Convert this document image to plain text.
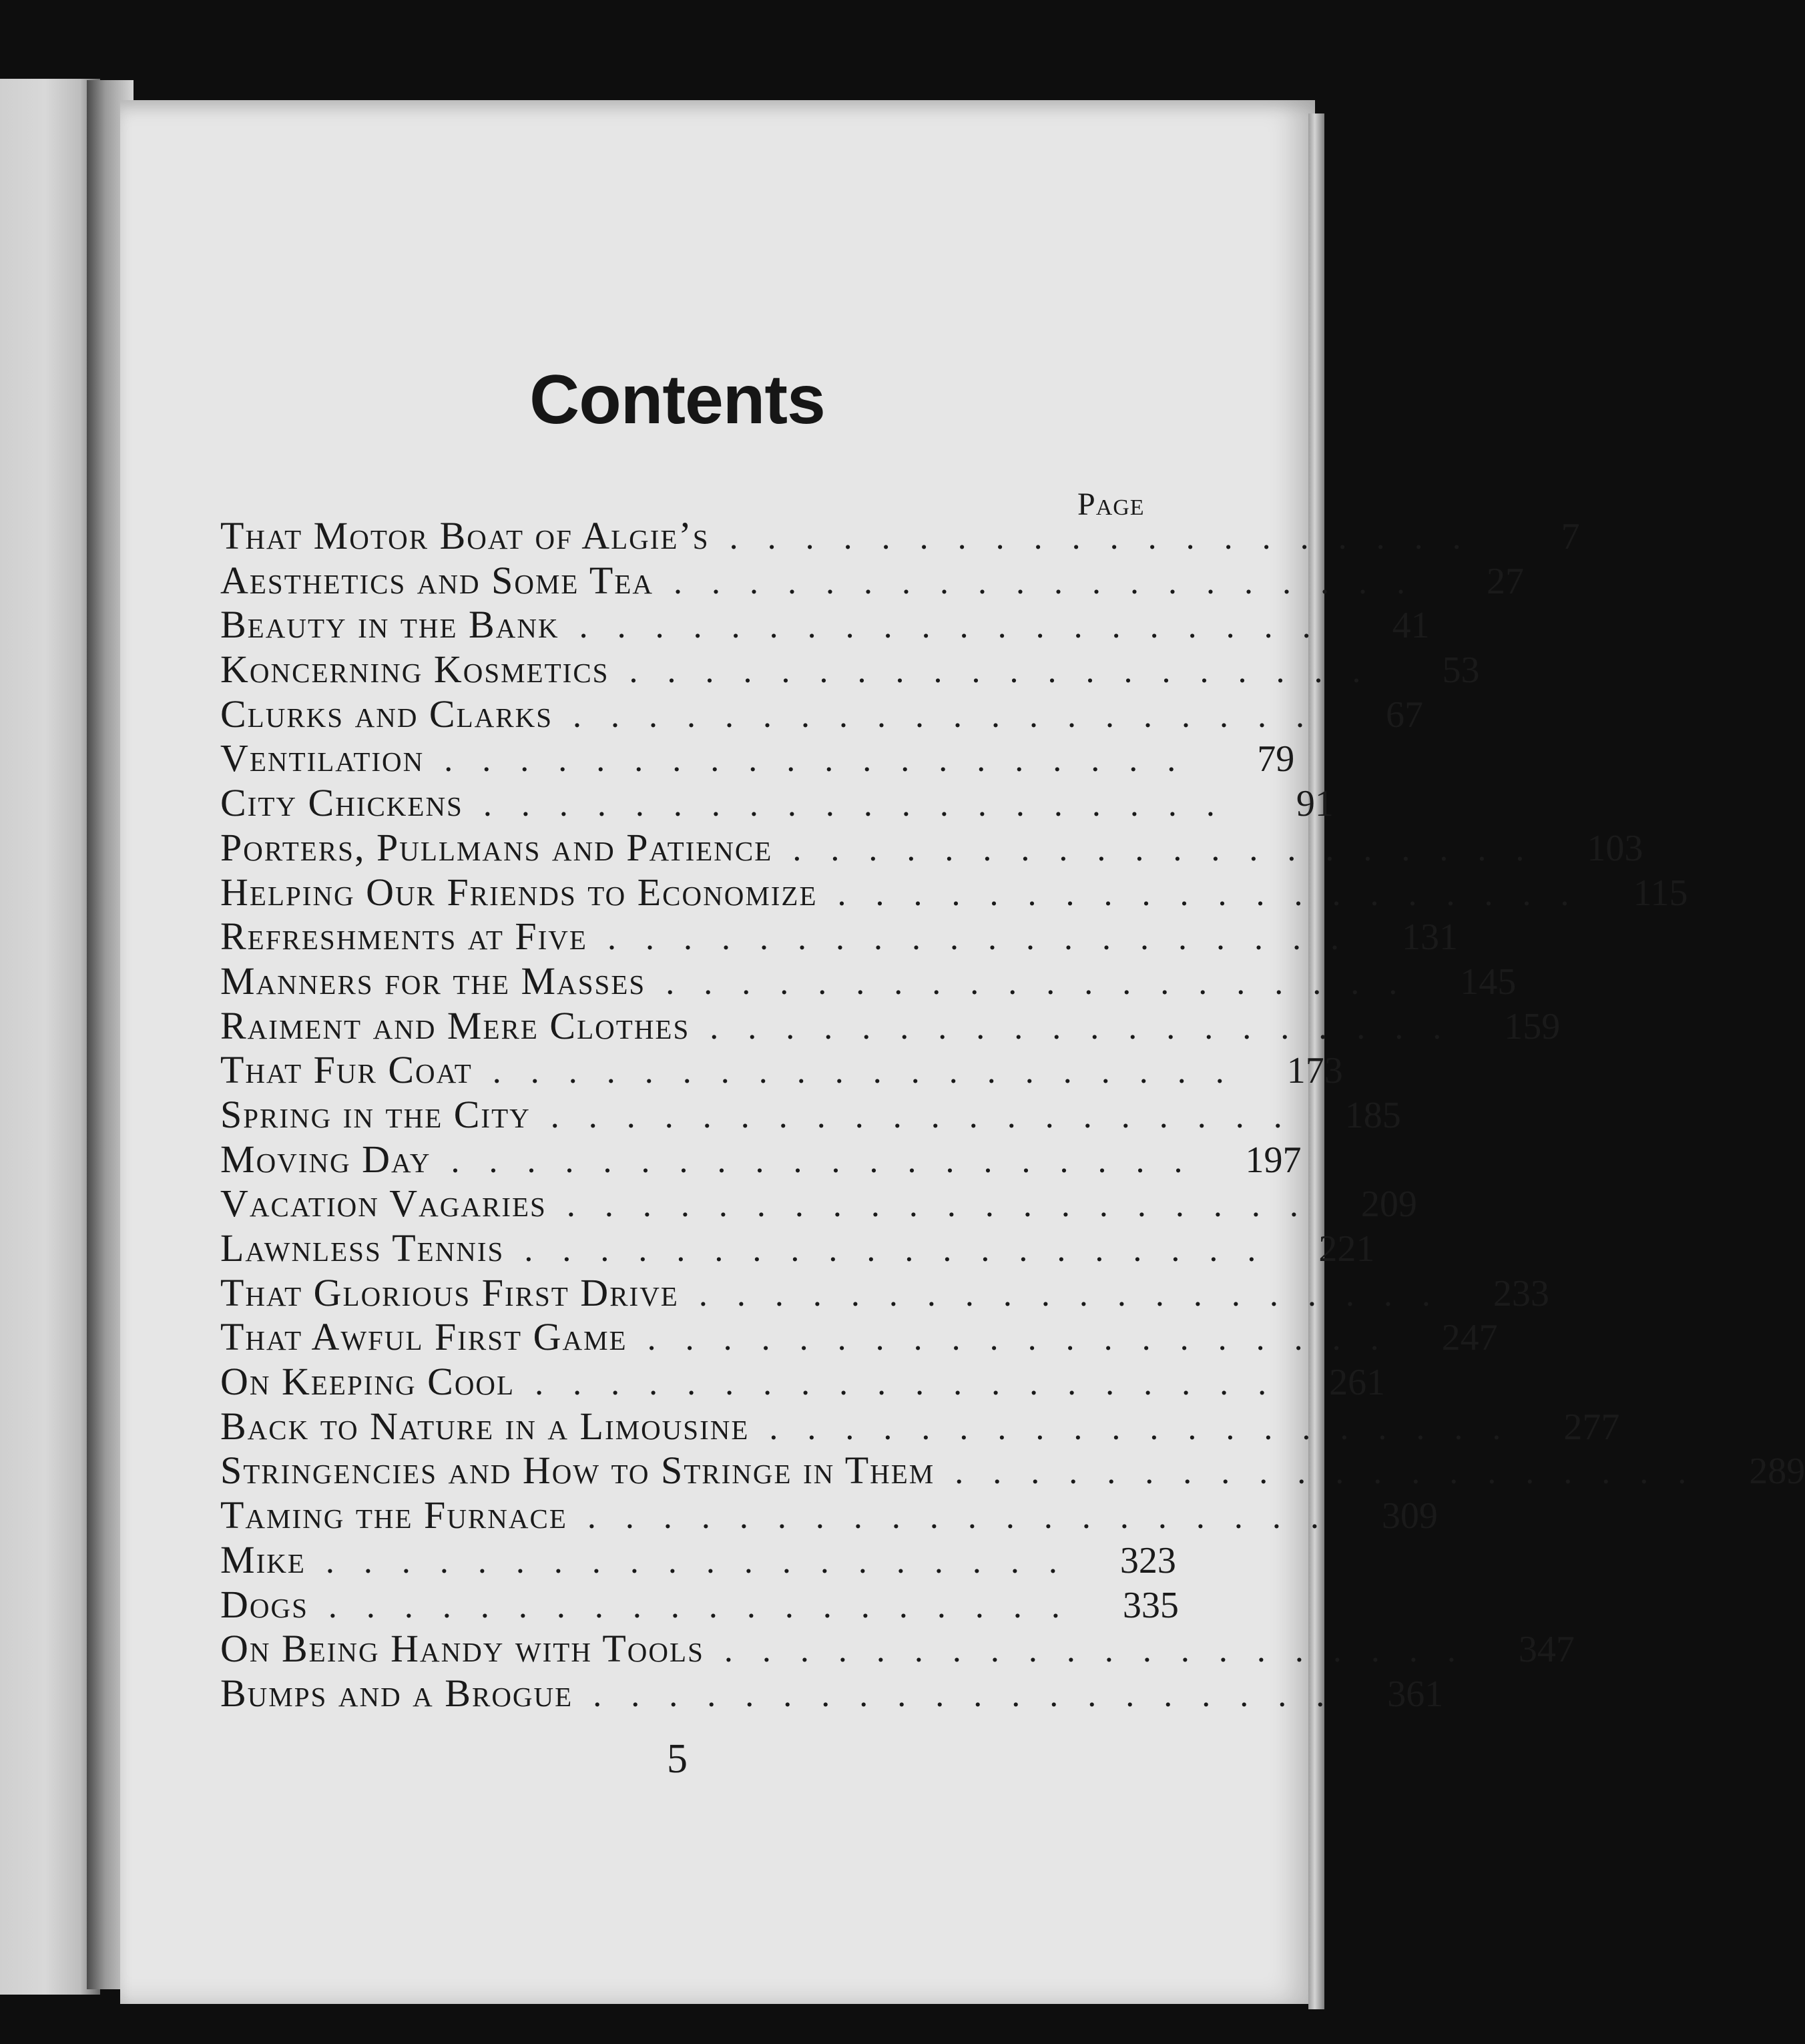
Contents
Page
That Motor Boat of Algie’s ....................	7
Aesthetics and Some Tea ....................	27
Beauty in the Bank ....................	41
Koncerning Kosmetics ....................	53
Clurks and Clarks ....................	67
Ventilation ....................	79
City Chickens ....................	91
Porters, Pullmans and Patience .................... 103
Helping Our Friends to Economize .................... 115
Refreshments at Five .................... 131
Manners for the Masses .................... 145
Raiment and Mere Clothes .................... 159
That Fur Coat .................... 173
Spring in the City .................... 185
Moving Day .................... 197
Vacation Vagaries .................... 209
Lawnless Tennis .................... 221
That Glorious First Drive .................... 233
That Awful First Game .................... 247
On Keeping Cool .................... 261
Back to Nature in a Limousine .................... 277
Stringencies and How to Stringe in Them .................... 289
Taming the Furnace .................... 309
Mike .................... 323
Dogs .................... 335
On Being Handy with Tools .................... 347
Bumps and a Brogue .................... 361
5
